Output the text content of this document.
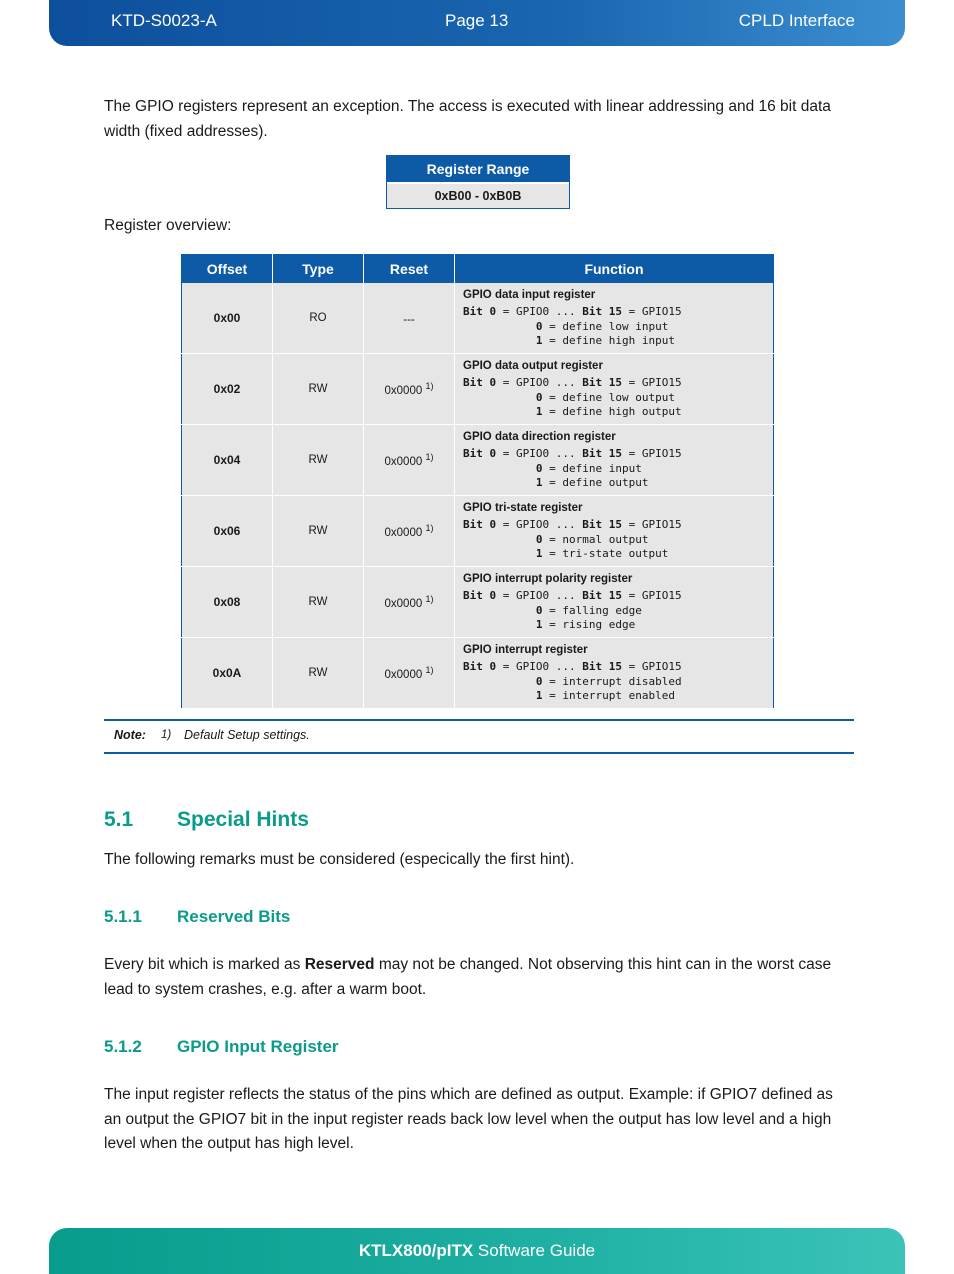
KTD-S0023-A	Page 13	CPLD Interface

The GPIO registers represent an exception. The access is executed with linear addressing and 16 bit data width (fixed addresses).

Register Range
0xB00 - 0xB0B

Register overview:

Offset	Type	Reset	Function
0x00	RO	---	GPIO data input register
Bit 0 = GPIO0 ... Bit 15 = GPIO15
0 = define low input
1 = define high input

0x02	RW	0x0000 $^{1)}$	GPIO data output register
Bit 0 = GPIO0 ... Bit 15 = GPIO15
0 = define low output
1 = define high output

0x04	RW	0x0000 $^{1)}$	GPIO data direction register
Bit 0 = GPIO0 ... Bit 15 = GPIO15
0 = define input
1 = define output

0x06	RW	0x0000 $^{1)}$	GPIO tri-state register
Bit 0 = GPIO0 ... Bit 15 = GPIO15
0 = normal output
1 = tri-state output

0x08	RW	0x0000 $^{1)}$	GPIO interrupt polarity register
Bit 0 = GPIO0 ... Bit 15 = GPIO15
0 = falling edge
1 = rising edge

0x0A	RW	0x0000 $^{1)}$	GPIO interrupt register
Bit 0 = GPIO0 ... Bit 15 = GPIO15
0 = interrupt disabled
1 = interrupt enabled
Note: 1) Default Setup settings.
5.1 Special Hints

The following remarks must be considered (especically the first hint).

5.1.1 Reserved Bits

Every bit which is marked as Reserved may not be changed. Not observing this hint can in the worst case lead to system crashes, e.g. after a warm boot.

5.1.2 GPIO Input Register

The input register reflects the status of the pins which are defined as output. Example: if GPIO7 defined as an output the GPIO7 bit in the input register reads back low level when the output has low level and a high level when the output has high level.

KTLX800/pITX Software Guide
